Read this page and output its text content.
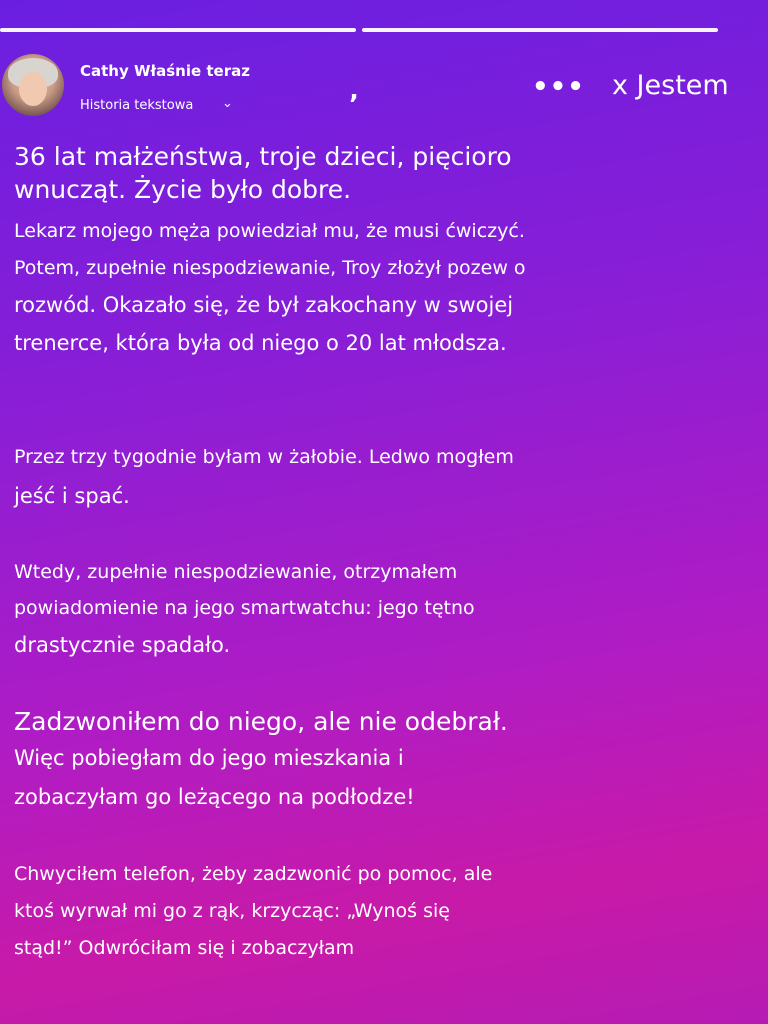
Cathy Właśnie teraz
Historia tekstowa ⌄	’
••• x Jestem

36 lat małżeństwa, troje dzieci, pięcioro

wnucząt. Życie było dobre.

Lekarz mojego męża powiedział mu, że musi ćwiczyć.

Potem, zupełnie niespodziewanie, Troy złożył pozew o

rozwód. Okazało się, że był zakochany w swojej

trenerce, która była od niego o 20 lat młodsza.

Przez trzy tygodnie byłam w żałobie. Ledwo mogłem

jeść i spać.

Wtedy, zupełnie niespodziewanie, otrzymałem

powiadomienie na jego smartwatchu: jego tętno

drastycznie spadało.

Zadzwoniłem do niego, ale nie odebrał.

Więc pobiegłam do jego mieszkania i

zobaczyłam go leżącego na podłodze!

Chwyciłem telefon, żeby zadzwonić po pomoc, ale

ktoś wyrwał mi go z rąk, krzycząc: „Wynoś się

stąd!” Odwróciłam się i zobaczyłam
